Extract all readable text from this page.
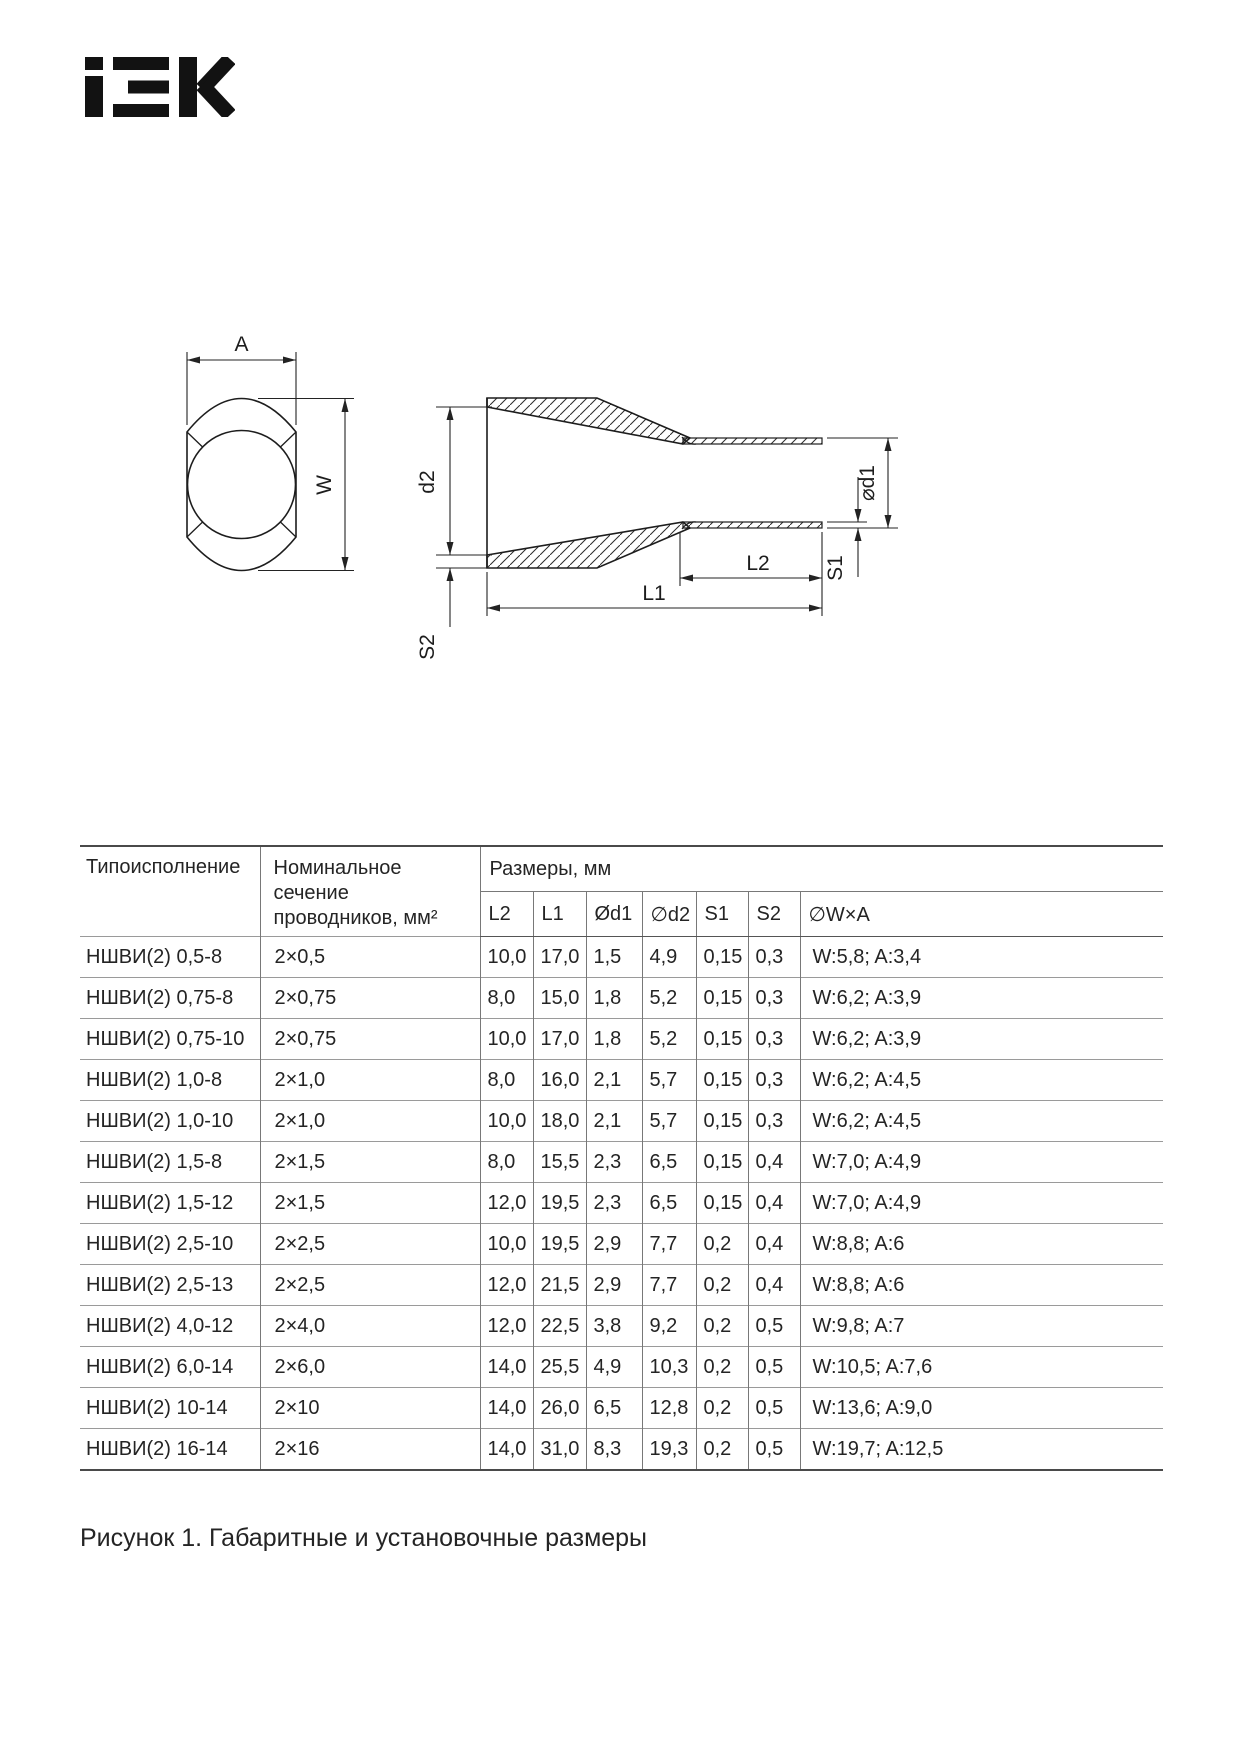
A
W	d2
S2
⌀d1
S1
L2
L1
Типоисполнение	Номинальное сечение проводников, мм²	Размеры, мм						
		L2	L1	Ød1	∅d2	S1	S2	∅W×A
НШВИ(2) 0,5-8	2×0,5	10,0	17,0	1,5	4,9	0,15	0,3	W:5,8; A:3,4
НШВИ(2) 0,75-8	2×0,75	8,0	15,0	1,8	5,2	0,15	0,3	W:6,2; A:3,9
НШВИ(2) 0,75-10	2×0,75	10,0	17,0	1,8	5,2	0,15	0,3	W:6,2; A:3,9
НШВИ(2) 1,0-8	2×1,0	8,0	16,0	2,1	5,7	0,15	0,3	W:6,2; A:4,5
НШВИ(2) 1,0-10	2×1,0	10,0	18,0	2,1	5,7	0,15	0,3	W:6,2; A:4,5
НШВИ(2) 1,5-8	2×1,5	8,0	15,5	2,3	6,5	0,15	0,4	W:7,0; A:4,9
НШВИ(2) 1,5-12	2×1,5	12,0	19,5	2,3	6,5	0,15	0,4	W:7,0; A:4,9
НШВИ(2) 2,5-10	2×2,5	10,0	19,5	2,9	7,7	0,2	0,4	W:8,8; A:6
НШВИ(2) 2,5-13	2×2,5	12,0	21,5	2,9	7,7	0,2	0,4	W:8,8; A:6
НШВИ(2) 4,0-12	2×4,0	12,0	22,5	3,8	9,2	0,2	0,5	W:9,8; A:7
НШВИ(2) 6,0-14	2×6,0	14,0	25,5	4,9	10,3	0,2	0,5	W:10,5; A:7,6
НШВИ(2) 10-14	2×10	14,0	26,0	6,5	12,8	0,2	0,5	W:13,6; A:9,0
НШВИ(2) 16-14	2×16	14,0	31,0	8,3	19,3	0,2	0,5	W:19,7; A:12,5
Рисунок 1. Габаритные и установочные размеры
